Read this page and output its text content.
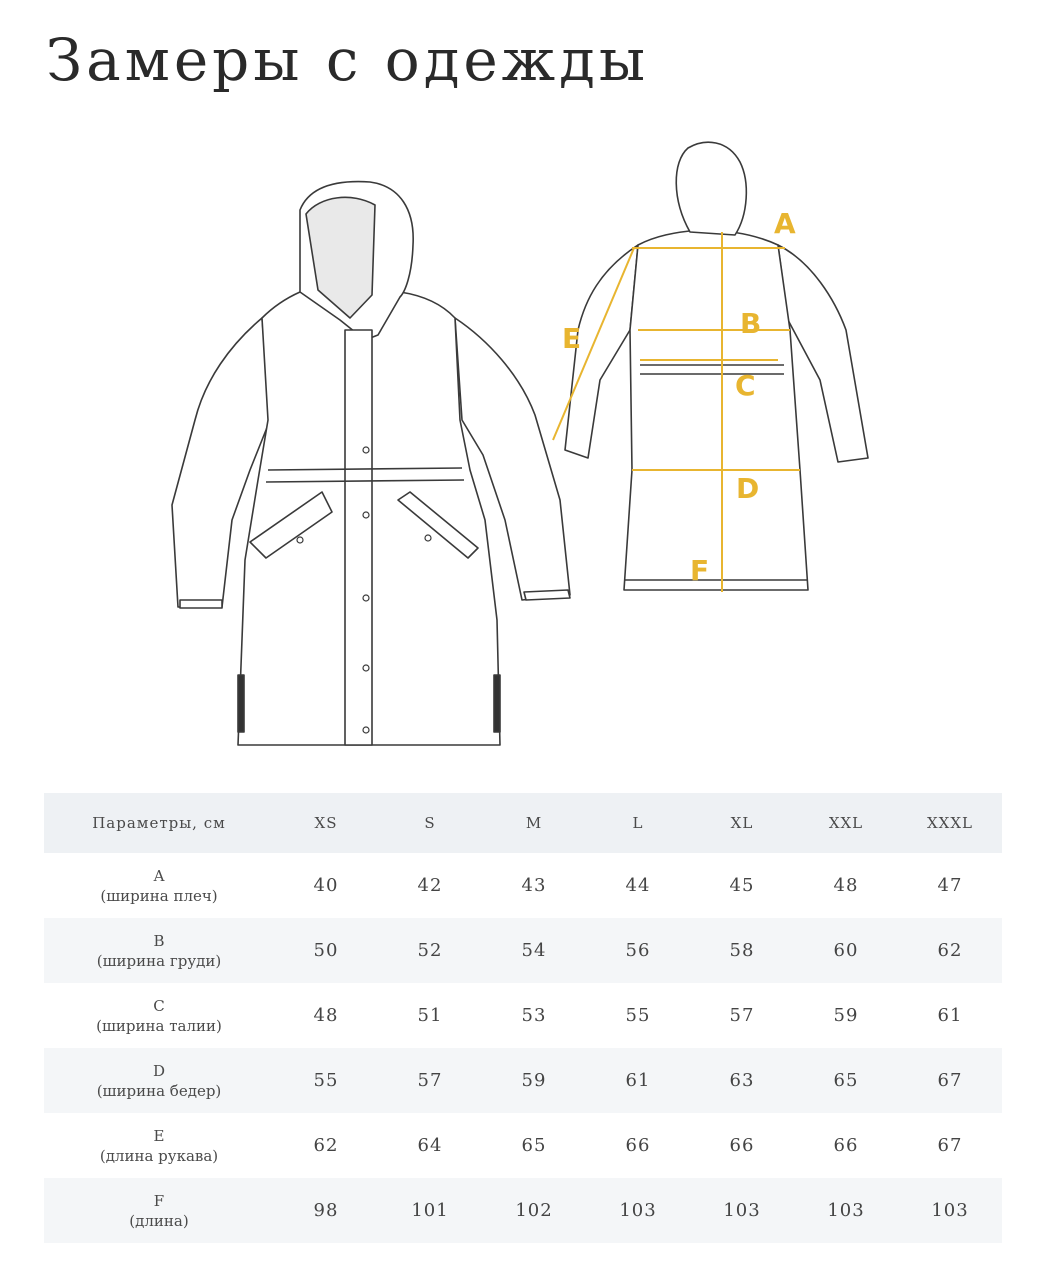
Замеры с одежды
A
B
C
D
E
F
Параметры, см	XS	S	M	L	XL	XXL	XXXL

A
(ширина плеч)	40	42	43	44	45	48	47

B
(ширина груди)	50	52	54	56	58	60	62

C
(ширина талии)	48	51	53	55	57	59	61

D
(ширина бедер)	55	57	59	61	63	65	67

E
(длина рукава)	62	64	65	66	66	66	67

F
(длина)	98	101	102	103	103	103	103
